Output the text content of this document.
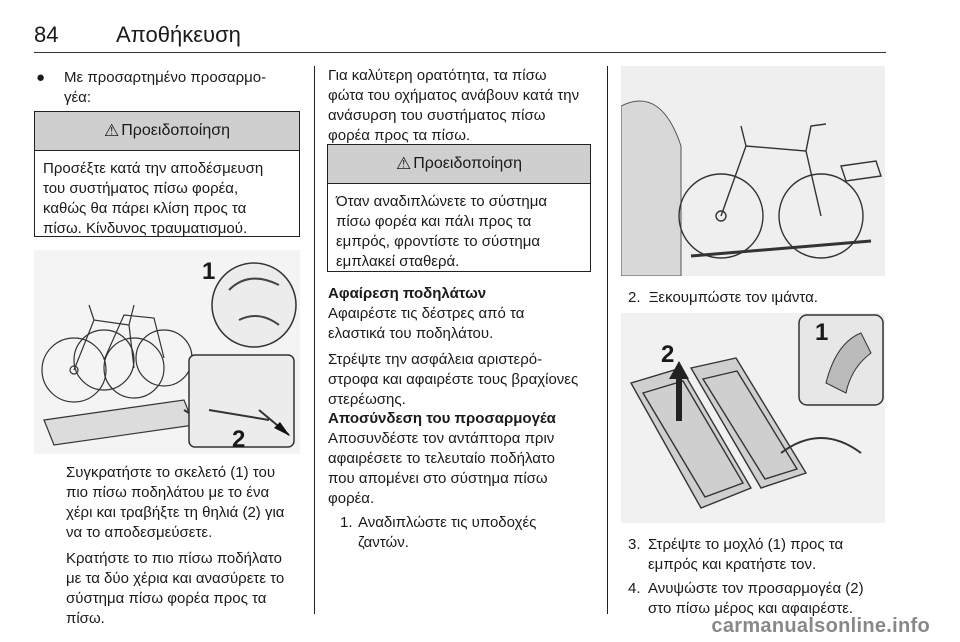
84	Αποθήκευση
● Με προσαρτημένο προσαρμο-

γέα:

⚠ Προειδοποίηση

Προσέξτε κατά την αποδέσμευση

του συστήματος πίσω φορέα,

καθώς θα πάρει κλίση προς τα

πίσω. Κίνδυνος τραυματισμού.

1
2

Συγκρατήστε το σκελετό (1) του

πιο πίσω ποδηλάτου με το ένα

χέρι και τραβήξτε τη θηλιά (2) για

να το αποδεσμεύσετε.

Κρατήστε το πιο πίσω ποδήλατο

με τα δύο χέρια και ανασύρετε το

σύστημα πίσω φορέα προς τα

πίσω.

Για καλύτερη ορατότητα, τα πίσω

φώτα του οχήματος ανάβουν κατά την

ανάσυρση του συστήματος πίσω

φορέα προς τα πίσω.

⚠ Προειδοποίηση

Όταν αναδιπλώνετε το σύστημα

πίσω φορέα και πάλι προς τα

εμπρός, φροντίστε το σύστημα

εμπλακεί σταθερά.

Αφαίρεση ποδηλάτων

Αφαιρέστε τις δέστρες από τα

ελαστικά του ποδηλάτου.

Στρέψτε την ασφάλεια αριστερό-

στροφα και αφαιρέστε τους βραχίονες

στερέωσης.

Αποσύνδεση του προσαρμογέα

Αποσυνδέστε τον αντάπτορα πριν

αφαιρέσετε το τελευταίο ποδήλατο

που απομένει στο σύστημα πίσω

φορέα.

1. Αναδιπλώστε τις υποδοχές

ζαντών.

2. Ξεκουμπώστε τον ιμάντα.
1
2
3. Στρέψτε το μοχλό (1) προς τα

εμπρός και κρατήστε τον.

4. Ανυψώστε τον προσαρμογέα (2)

στο πίσω μέρος και αφαιρέστε.

carmanualsonline.info
